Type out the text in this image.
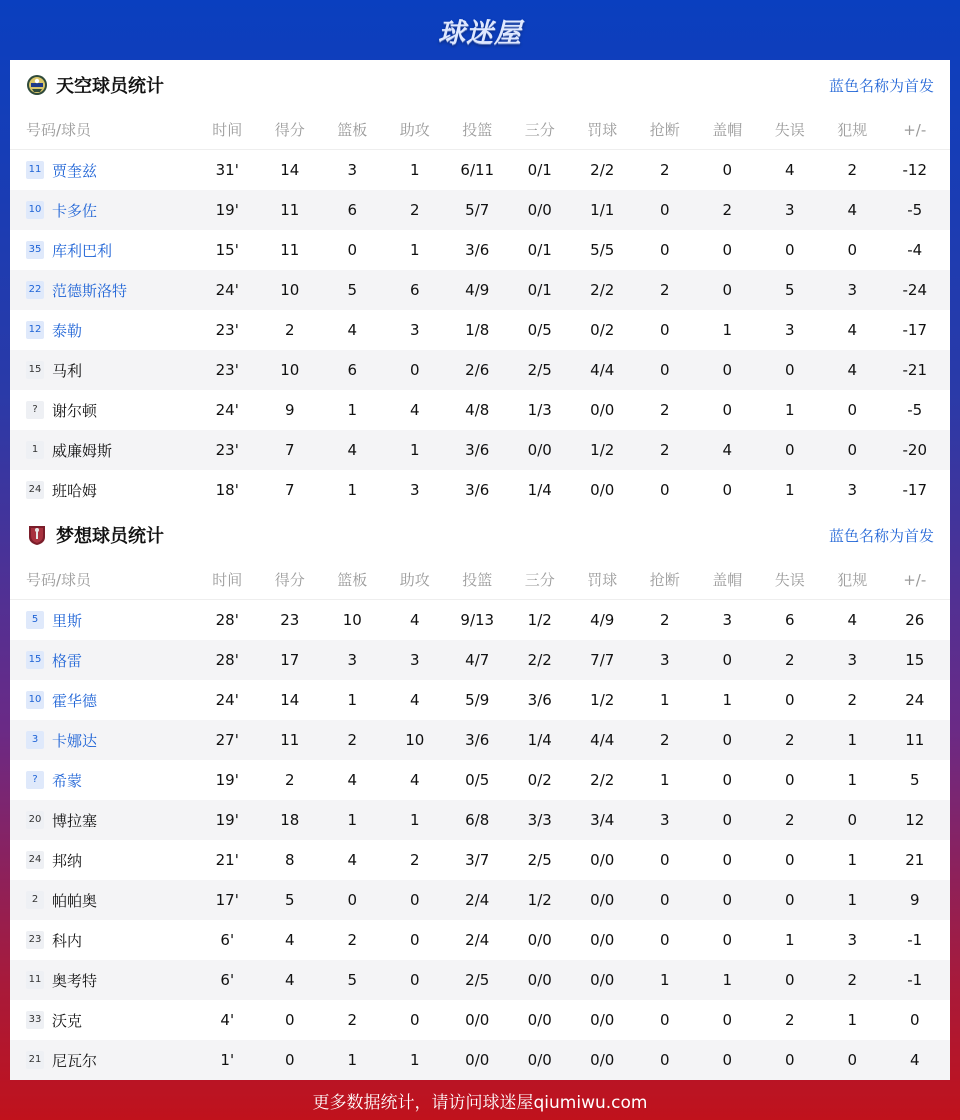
球迷屋
天空球员统计	蓝色名称为首发
号码/球员	时间	得分	篮板	助攻	投篮	三分	罚球	抢断	盖帽	失误	犯规	+/-
11 贾奎兹	31'	14	3	1	6/11	0/1	2/2	2	0	4	2	-12
10 卡多佐	19'	11	6	2	5/7	0/0	1/1	0	2	3	4	-5
35 库利巴利	15'	11	0	1	3/6	0/1	5/5	0	0	0	0	-4
22 范德斯洛特	24'	10	5	6	4/9	0/1	2/2	2	0	5	3	-24
12 泰勒	23'	2	4	3	1/8	0/5	0/2	0	1	3	4	-17
15 马利	23'	10	6	0	2/6	2/5	4/4	0	0	0	4	-21
? 谢尔顿	24'	9	1	4	4/8	1/3	0/0	2	0	1	0	-5
1 威廉姆斯	23'	7	4	1	3/6	0/0	1/2	2	4	0	0	-20
24 班哈姆	18'	7	1	3	3/6	1/4	0/0	0	0	1	3	-17
梦想球员统计	蓝色名称为首发
号码/球员	时间	得分	篮板	助攻	投篮	三分	罚球	抢断	盖帽	失误	犯规	+/-
5 里斯	28'	23	10	4	9/13	1/2	4/9	2	3	6	4	26
15 格雷	28'	17	3	3	4/7	2/2	7/7	3	0	2	3	15
10 霍华德	24'	14	1	4	5/9	3/6	1/2	1	1	0	2	24
3 卡娜达	27'	11	2	10	3/6	1/4	4/4	2	0	2	1	11
? 希蒙	19'	2	4	4	0/5	0/2	2/2	1	0	0	1	5
20 博拉塞	19'	18	1	1	6/8	3/3	3/4	3	0	2	0	12
24 邦纳	21'	8	4	2	3/7	2/5	0/0	0	0	0	1	21
2 帕帕奥	17'	5	0	0	2/4	1/2	0/0	0	0	0	1	9
23 科内	6'	4	2	0	2/4	0/0	0/0	0	0	1	3	-1
11 奥考特	6'	4	5	0	2/5	0/0	0/0	1	1	0	2	-1
33 沃克	4'	0	2	0	0/0	0/0	0/0	0	0	2	1	0
21 尼瓦尔	1'	0	1	1	0/0	0/0	0/0	0	0	0	0	4
更多数据统计，请访问球迷屋qiumiwu.com
